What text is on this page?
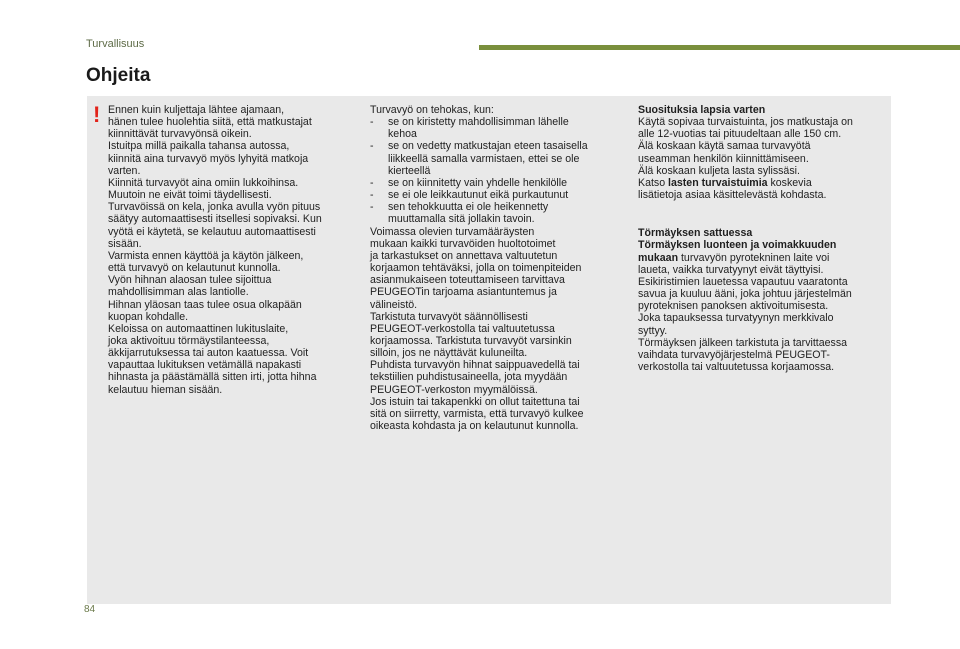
Turvallisuus
Ohjeita
! Ennen kuin kuljettaja lähtee ajamaan,

hänen tulee huolehtia siitä, että matkustajat

kiinnittävät turvavyönsä oikein.

Istuitpa millä paikalla tahansa autossa,

kiinnitä aina turvavyö myös lyhyitä matkoja

varten.

Kiinnitä turvavyöt aina omiin lukkoihinsa.

Muutoin ne eivät toimi täydellisesti.

Turvavöissä on kela, jonka avulla vyön pituus

säätyy automaattisesti itsellesi sopivaksi. Kun

vyötä ei käytetä, se kelautuu automaattisesti

sisään.

Varmista ennen käyttöä ja käytön jälkeen,

että turvavyö on kelautunut kunnolla.

Vyön hihnan alaosan tulee sijoittua

mahdollisimman alas lantiolle.

Hihnan yläosan taas tulee osua olkapään

kuopan kohdalle.

Keloissa on automaattinen lukituslaite,

joka aktivoituu törmäystilanteessa,

äkkijarrutuksessa tai auton kaatuessa. Voit

vapauttaa lukituksen vetämällä napakasti

hihnasta ja päästämällä sitten irti, jotta hihna

kelautuu hieman sisään.

Turvavyö on tehokas, kun:

- se on kiristetty mahdollisimman lähelle

kehoa

- se on vedetty matkustajan eteen tasaisella

liikkeellä samalla varmistaen, ettei se ole

kierteellä

- se on kiinnitetty vain yhdelle henkilölle

- se ei ole leikkautunut eikä purkautunut

- sen tehokkuutta ei ole heikennetty

muuttamalla sitä jollakin tavoin.

Voimassa olevien turvamääräysten

mukaan kaikki turvavöiden huoltotoimet

ja tarkastukset on annettava valtuutetun

korjaamon tehtäväksi, jolla on toimenpiteiden

asianmukaiseen toteuttamiseen tarvittava

PEUGEOTin tarjoama asiantuntemus ja

välineistö.

Tarkistuta turvavyöt säännöllisesti

PEUGEOT-verkostolla tai valtuutetussa

korjaamossa. Tarkistuta turvavyöt varsinkin

silloin, jos ne näyttävät kuluneilta.

Puhdista turvavyön hihnat saippuavedellä tai

tekstiilien puhdistusaineella, jota myydään

PEUGEOT-verkoston myymälöissä.

Jos istuin tai takapenkki on ollut taitettuna tai

sitä on siirretty, varmista, että turvavyö kulkee

oikeasta kohdasta ja on kelautunut kunnolla.

Suosituksia lapsia varten

Käytä sopivaa turvaistuinta, jos matkustaja on

alle 12-vuotias tai pituudeltaan alle 150 cm.

Älä koskaan käytä samaa turvavyötä

useamman henkilön kiinnittämiseen.

Älä koskaan kuljeta lasta sylissäsi.

Katso lasten turvaistuimia koskevia

lisätietoja asiaa käsittelevästä kohdasta.

Törmäyksen sattuessa

Törmäyksen luonteen ja voimakkuuden

mukaan turvavyön pyrotekninen laite voi

laueta, vaikka turvatyynyt eivät täyttyisi.

Esikiristimien lauetessa vapautuu vaaratonta

savua ja kuuluu ääni, joka johtuu järjestelmän

pyroteknisen panoksen aktivoitumisesta.

Joka tapauksessa turvatyynyn merkkivalo

syttyy.

Törmäyksen jälkeen tarkistuta ja tarvittaessa

vaihdata turvavyöjärjestelmä PEUGEOT-

verkostolla tai valtuutetussa korjaamossa.

84
